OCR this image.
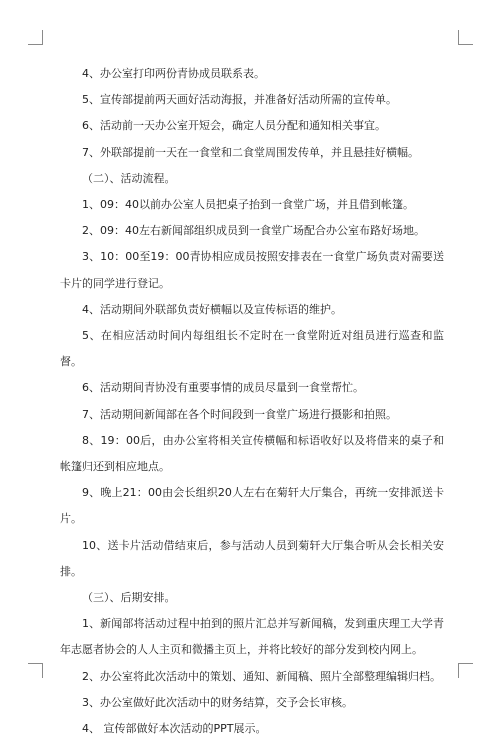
4、办公室打印两份青协成员联系表。

5、宣传部提前两天画好活动海报，并准备好活动所需的宣传单。

6、活动前一天办公室开短会，确定人员分配和通知相关事宜。

7、外联部提前一天在一食堂和二食堂周围发传单，并且悬挂好横幅。

（二）、活动流程。

1、09：40以前办公室人员把桌子抬到一食堂广场，并且借到帐篷。

2、09：40左右新闻部组织成员到一食堂广场配合办公室布路好场地。

3、10：00至19：00青协相应成员按照安排表在一食堂广场负责对需要送卡片的同学进行登记。

4、活动期间外联部负责好横幅以及宣传标语的维护。

5、在相应活动时间内每组组长不定时在一食堂附近对组员进行巡查和监督。

6、活动期间青协没有重要事情的成员尽量到一食堂帮忙。

7、活动期间新闻部在各个时间段到一食堂广场进行摄影和拍照。

8、19：00后，由办公室将相关宣传横幅和标语收好以及将借来的桌子和帐篷归还到相应地点。

9、晚上21：00由会长组织20人左右在菊轩大厅集合，再统一安排派送卡片。

10、送卡片活动借结束后，参与活动人员到菊轩大厅集合听从会长相关安排。

（三）、后期安排。

1、新闻部将活动过程中拍到的照片汇总并写新闻稿，发到重庆理工大学青年志愿者协会的人人主页和微播主页上，并将比较好的部分发到校内网上。

2、办公室将此次活动中的策划、通知、新闻稿、照片全部整理编辑归档。

3、办公室做好此次活动中的财务结算，交予会长审核。

4、 宣传部做好本次活动的PPT展示。
